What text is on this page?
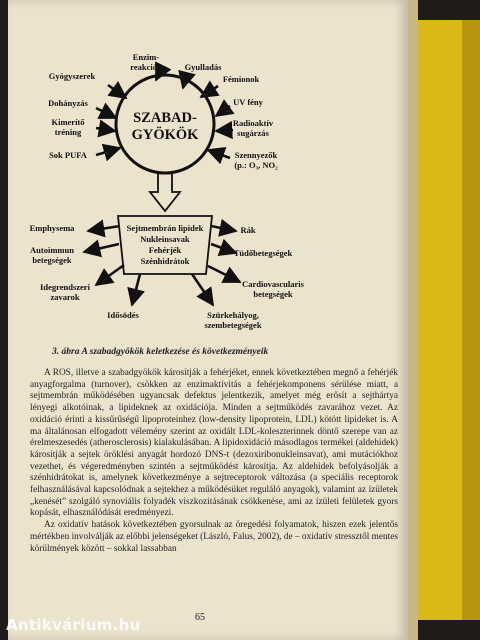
Enzim-
reakciók	Gyulladás
Gyógyszerek	Fémionok
Dohányzás	UV fény
Kimerítő
tréning
Radioaktív
sugárzás
Sok PUFA	Szennyezők
(p.: O₃, NO₂
SZABAD-
GYÖKÖK
Sejtmembrán lipidek
Nukleinsavak
Fehérjék
Szénhidrátok
Emphysema	Rák
Autoimmun
betegségek
Tüdőbetegségek
Idegrendszeri
zavarok
Cardiovascularis
betegségek
Idősödés	Szürkehályog,
szembetegségek
3. ábra A szabadgyökök keletkezése és következményeik

A ROS, illetve a szabadgyökök károsítják a fehérjéket, ennek következtében megnő a fehérjék anyagforgalma (turnover), csökken az enzimaktivitás a fehérjekomponens sérülése miatt, a sejtmembrán működésében ugyancsak defektus jelentkezik, amelyet még erősít a sejthártya lényegi alkotóinak, a lipideknek az oxidációja. Minden a sejtműködés zavarához vezet. Az oxidáció érinti a kissűrűségű lipoproteinhez (low-density lipoprotein, LDL) kötött lipideket is. A ma általánosan elfogadott vélemény szerint az oxidált LDL-koleszterinnek döntő szerepe van az érelmeszesedés (atherosclerosis) kialakulásában. A lipidoxidáció másodlagos termékei (aldehidek) károsítják a sejtek öröklési anyagát hordozó DNS-t (dezoxiribonukleinsavat), ami mutációkhoz vezethet, és végeredményben szintén a sejtműködést károsítja. Az aldehidek befolyásolják a szénhidrátokat is, amelynek következménye a sejtreceptorok változása (a speciális receptorok felhasználásával kapcsolódnak a sejtekhez a működésüket reguláló anyagok), valamint az ízületek „kenését” szolgáló synoviális folyadék viszkozitásának csökkenése, ami az ízületi felületek gyors kopását, elhasználódását eredményezi.

Az oxidatív hatások következtében gyorsulnak az öregedési folyamatok, hiszen ezek jelentős mértékben involválják az előbbi jelenségeket (László, Falus, 2002), de – oxidatív stressztől mentes körülmények között – sokkal lassabban

65
Antikvárium.hu
